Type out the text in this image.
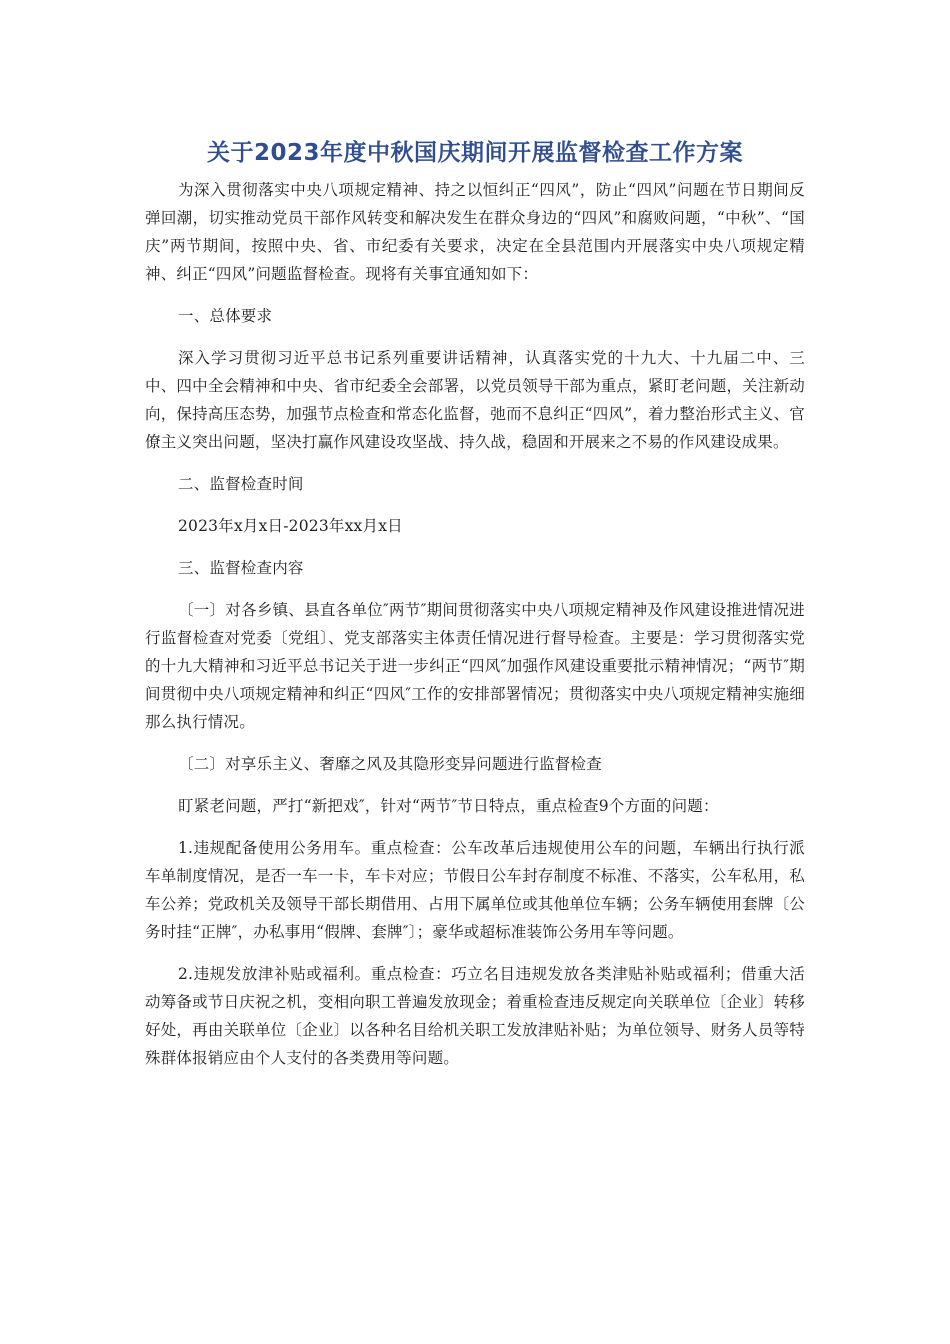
关于2023年度中秋国庆期间开展监督检查工作方案

为深入贯彻落实中央八项规定精神、持之以恒纠正“四风”，防止“四风”问题在节日期间反弹回潮，切实推动党员干部作风转变和解决发生在群众身边的“四风”和腐败问题，“中秋”、“国庆”两节期间，按照中央、省、市纪委有关要求，决定在全县范围内开展落实中央八项规定精神、纠正“四风”问题监督检查。现将有关事宜通知如下：

一、总体要求

深入学习贯彻习近平总书记系列重要讲话精神，认真落实党的十九大、十九届二中、三中、四中全会精神和中央、省市纪委全会部署，以党员领导干部为重点，紧盯老问题，关注新动向，保持高压态势，加强节点检查和常态化监督，弛而不息纠正“四风”，着力整治形式主义、官僚主义突出问题，坚决打赢作风建设攻坚战、持久战，稳固和开展来之不易的作风建设成果。

二、监督检查时间

2023年x月x日-2023年xx月x日

三、监督检查内容

〔一〕对各乡镇、县直各单位″两节″期间贯彻落实中央八项规定精神及作风建设推进情况进行监督检查对党委〔党组〕、党支部落实主体责任情况进行督导检查。主要是：学习贯彻落实党的十九大精神和习近平总书记关于进一步纠正“四风″加强作风建设重要批示精神情况；“两节″期间贯彻中央八项规定精神和纠正“四风″工作的安排部署情况；贯彻落实中央八项规定精神实施细那么执行情况。

〔二〕对享乐主义、奢靡之风及其隐形变异问题进行监督检查

盯紧老问题，严打“新把戏″，针对“两节″节日特点，重点检查9个方面的问题：

1.违规配备使用公务用车。重点检查：公车改革后违规使用公车的问题，车辆出行执行派车单制度情况，是否一车一卡，车卡对应；节假日公车封存制度不标准、不落实，公车私用，私车公养；党政机关及领导干部长期借用、占用下属单位或其他单位车辆；公务车辆使用套牌〔公务时挂“正牌″，办私事用“假牌、套牌″〕；豪华或超标准装饰公务用车等问题。

2.违规发放津补贴或福利。重点检查：巧立名目违规发放各类津贴补贴或福利；借重大活动筹备或节日庆祝之机，变相向职工普遍发放现金；着重检查违反规定向关联单位〔企业〕转移好处，再由关联单位〔企业〕以各种名目给机关职工发放津贴补贴；为单位领导、财务人员等特殊群体报销应由个人支付的各类费用等问题。
